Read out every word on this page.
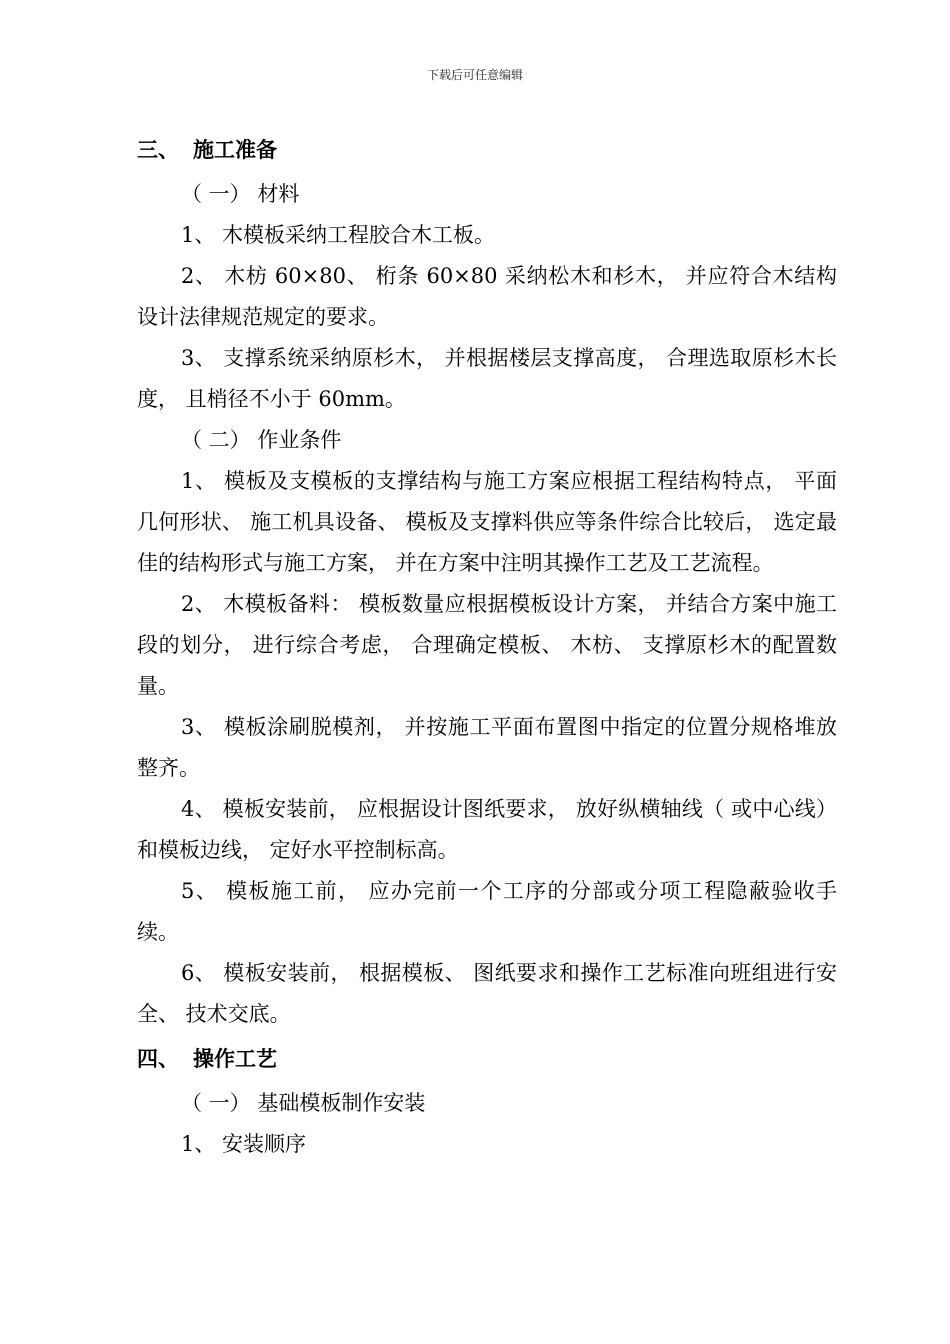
下载后可任意编辑

三、 施工准备

（ 一） 材料

1、 木模板采纳工程胶合木工板。

2、 木枋 60×80、 桁条 60×80 采纳松木和杉木， 并应符合木结构设计法律规范规定的要求。

3、 支撑系统采纳原杉木， 并根据楼层支撑高度， 合理选取原杉木长度， 且梢径不小于 60mm。

（ 二） 作业条件

1、 模板及支模板的支撑结构与施工方案应根据工程结构特点， 平面几何形状、 施工机具设备、 模板及支撑料供应等条件综合比较后， 选定最佳的结构形式与施工方案， 并在方案中注明其操作工艺及工艺流程。

2、 木模板备料： 模板数量应根据模板设计方案， 并结合方案中施工段的划分， 进行综合考虑， 合理确定模板、 木枋、 支撑原杉木的配置数量。

3、 模板涂刷脱模剂， 并按施工平面布置图中指定的位置分规格堆放整齐。

4、 模板安装前， 应根据设计图纸要求， 放好纵横轴线（ 或中心线） 和模板边线， 定好水平控制标高。

5、 模板施工前， 应办完前一个工序的分部或分项工程隐蔽验收手续。

6、 模板安装前， 根据模板、 图纸要求和操作工艺标准向班组进行安全、 技术交底。

四、 操作工艺

（ 一） 基础模板制作安装

1、 安装顺序
